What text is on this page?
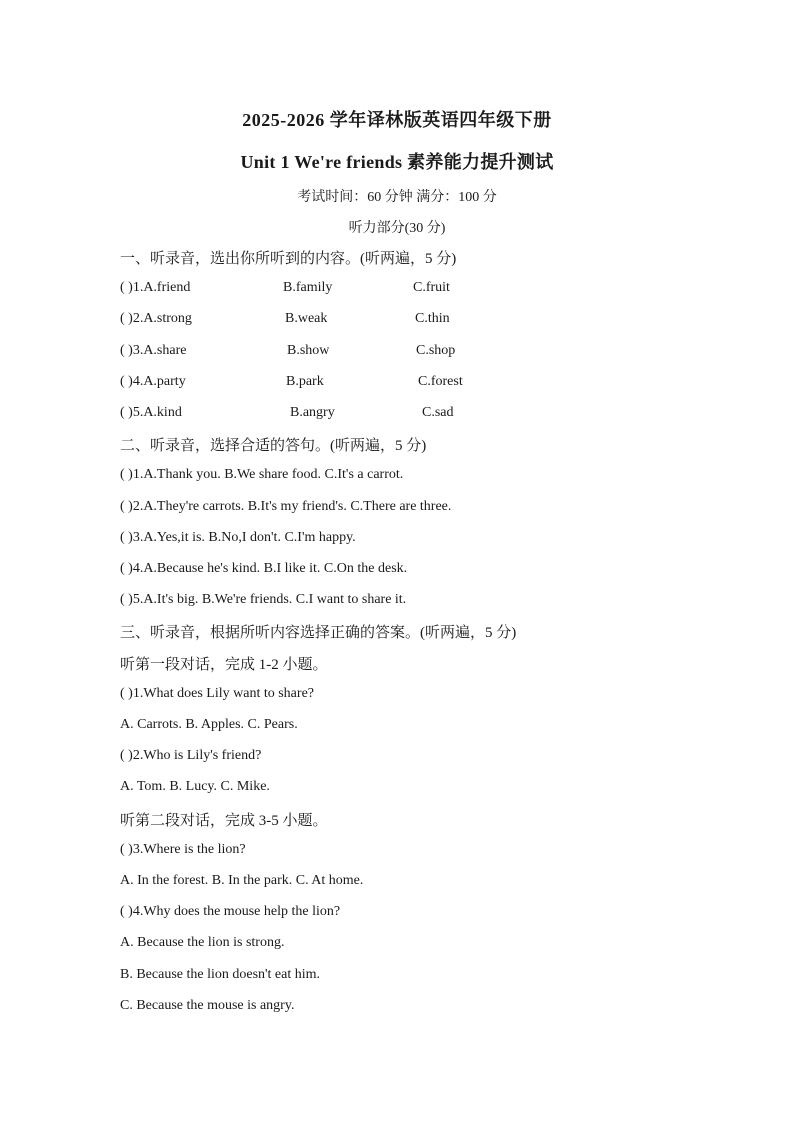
2025-2026 学年译林版英语四年级下册
Unit 1 We're friends 素养能力提升测试
考试时间：60 分钟 满分：100 分
听力部分(30 分)
一、听录音，选出你所听到的内容。(听两遍，5 分)
( )1.A.friend	B.family	C.fruit
( )2.A.strong	B.weak	C.thin
( )3.A.share	B.show	C.shop
( )4.A.party	B.park	C.forest
( )5.A.kind	B.angry	C.sad
二、听录音，选择合适的答句。(听两遍，5 分)
( )1.A.Thank you. B.We share food. C.It's a carrot.
( )2.A.They're carrots. B.It's my friend's. C.There are three.
( )3.A.Yes,it is. B.No,I don't. C.I'm happy.
( )4.A.Because he's kind. B.I like it. C.On the desk.
( )5.A.It's big. B.We're friends. C.I want to share it.
三、听录音，根据所听内容选择正确的答案。(听两遍，5 分)
听第一段对话，完成 1-2 小题。
( )1.What does Lily want to share?
A. Carrots. B. Apples. C. Pears.
( )2.Who is Lily's friend?
A. Tom. B. Lucy. C. Mike.
听第二段对话，完成 3-5 小题。
( )3.Where is the lion?
A. In the forest. B. In the park. C. At home.
( )4.Why does the mouse help the lion?
A. Because the lion is strong.
B. Because the lion doesn't eat him.
C. Because the mouse is angry.
